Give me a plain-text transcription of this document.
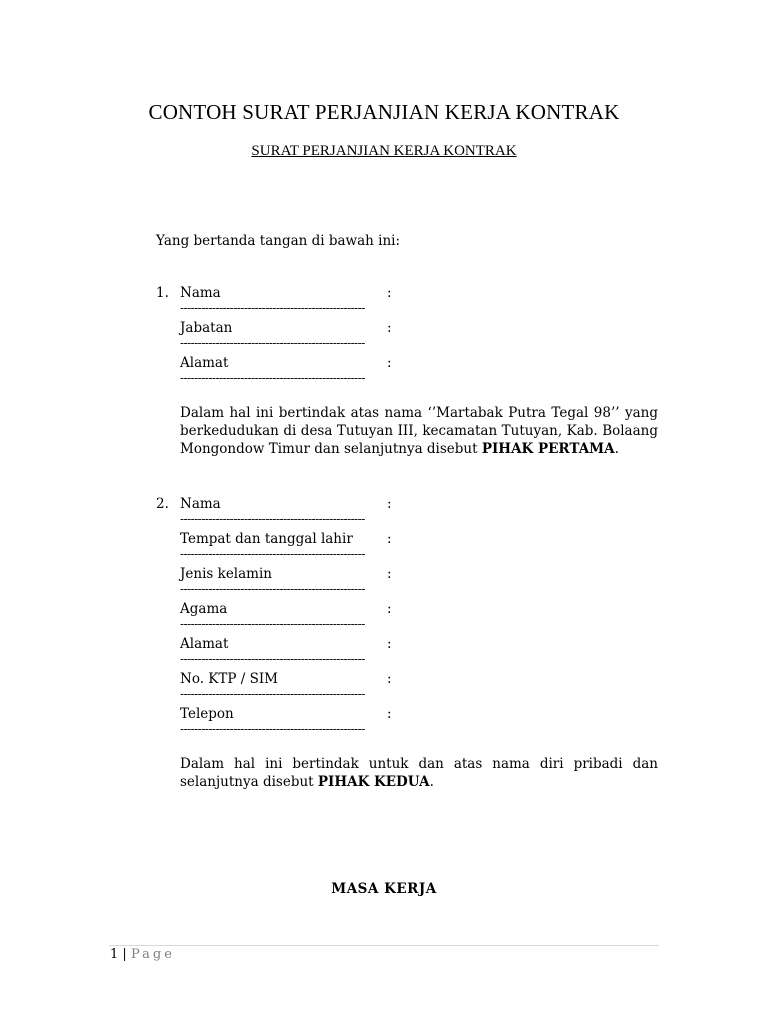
CONTOH SURAT PERJANJIAN KERJA KONTRAK
SURAT PERJANJIAN KERJA KONTRAK
Yang bertanda tangan di bawah ini:
1. Nama	:
----------------------------------------------------
Jabatan	:
----------------------------------------------------
Alamat	:
----------------------------------------------------
Dalam hal ini bertindak atas nama ‘’Martabak Putra Tegal 98’’ yang berkedudukan di desa Tutuyan III, kecamatan Tutuyan, Kab. Bolaang Mongondow Timur dan selanjutnya disebut PIHAK PERTAMA.
2. Nama	:
----------------------------------------------------
Tempat dan tanggal lahir	:
----------------------------------------------------
Jenis kelamin	:
----------------------------------------------------
Agama	:
----------------------------------------------------
Alamat	:
----------------------------------------------------
No. KTP / SIM	:
----------------------------------------------------
Telepon	:
----------------------------------------------------
Dalam hal ini bertindak untuk dan atas nama diri pribadi dan selanjutnya disebut PIHAK KEDUA.
MASA KERJA
1 | Page
